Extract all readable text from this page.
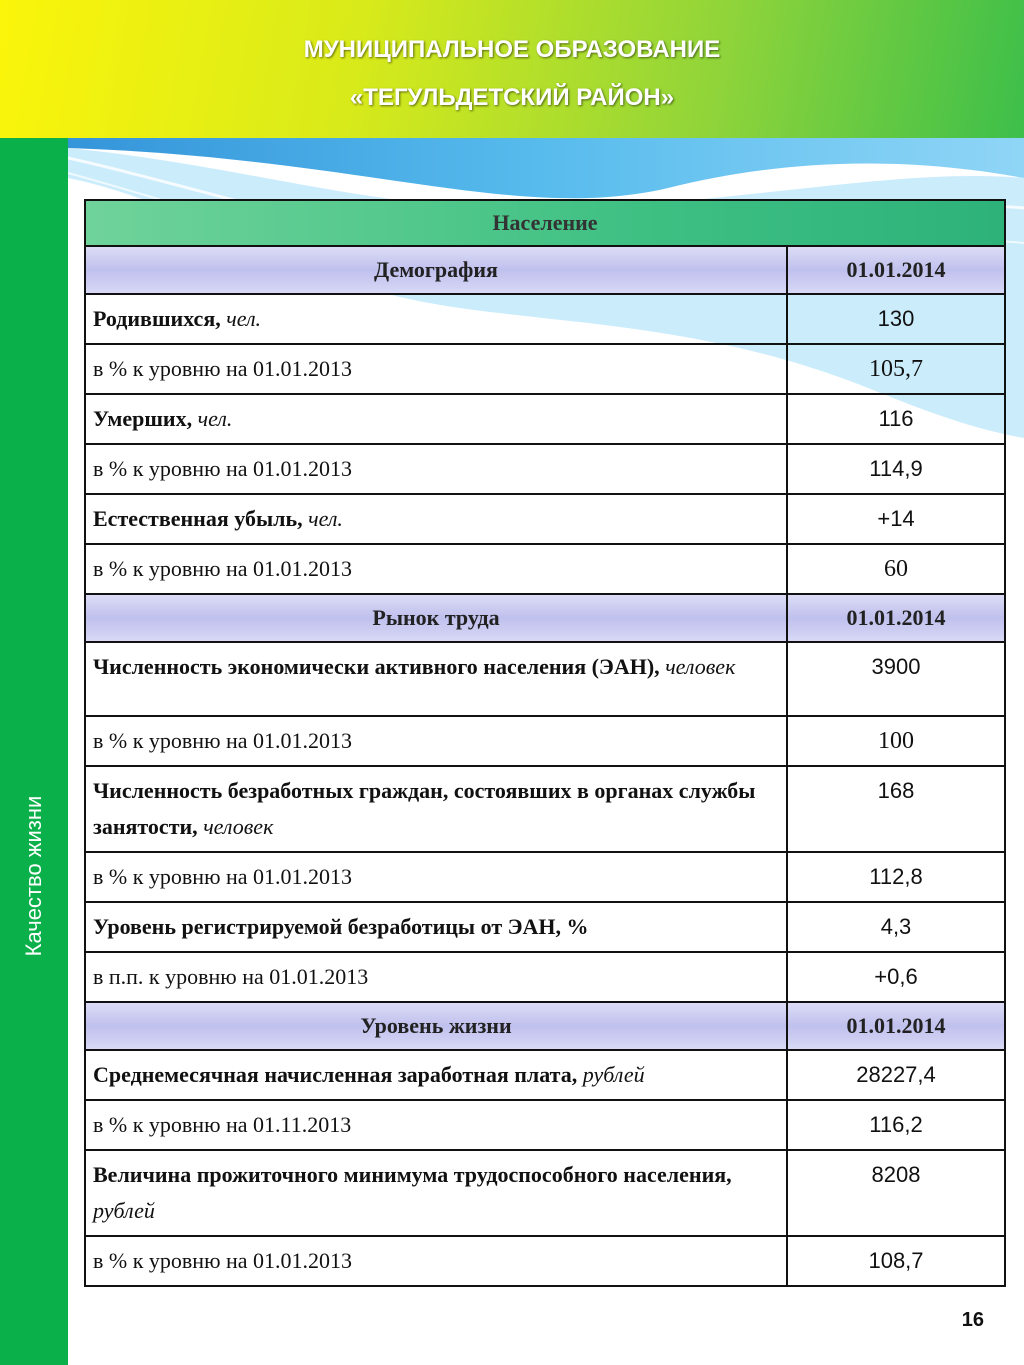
МУНИЦИПАЛЬНОЕ ОБРАЗОВАНИЕ
«ТЕГУЛЬДЕТСКИЙ РАЙОН»
Качество жизни
Население	
Демография	01.01.2014
Родившихся, чел.	130
в % к уровню на 01.01.2013	105,7
Умерших, чел.	116
в % к уровню на 01.01.2013	114,9
Естественная убыль, чел.	+14
в % к уровню на 01.01.2013	60
Рынок труда	01.01.2014
Численность экономически активного населения (ЭАН), человек	3900
в % к уровню на 01.01.2013	100
Численность безработных граждан, состоявших в органах службы занятости, человек	168
в % к уровню на 01.01.2013	112,8
Уровень регистрируемой безработицы от ЭАН, %	4,3
в п.п. к уровню на 01.01.2013	+0,6
Уровень жизни	01.01.2014
Среднемесячная начисленная заработная плата, рублей	28227,4
в % к уровню на 01.11.2013	116,2
Величина прожиточного минимума трудоспособного населения, рублей	8208
в % к уровню на 01.01.2013	108,7
16
